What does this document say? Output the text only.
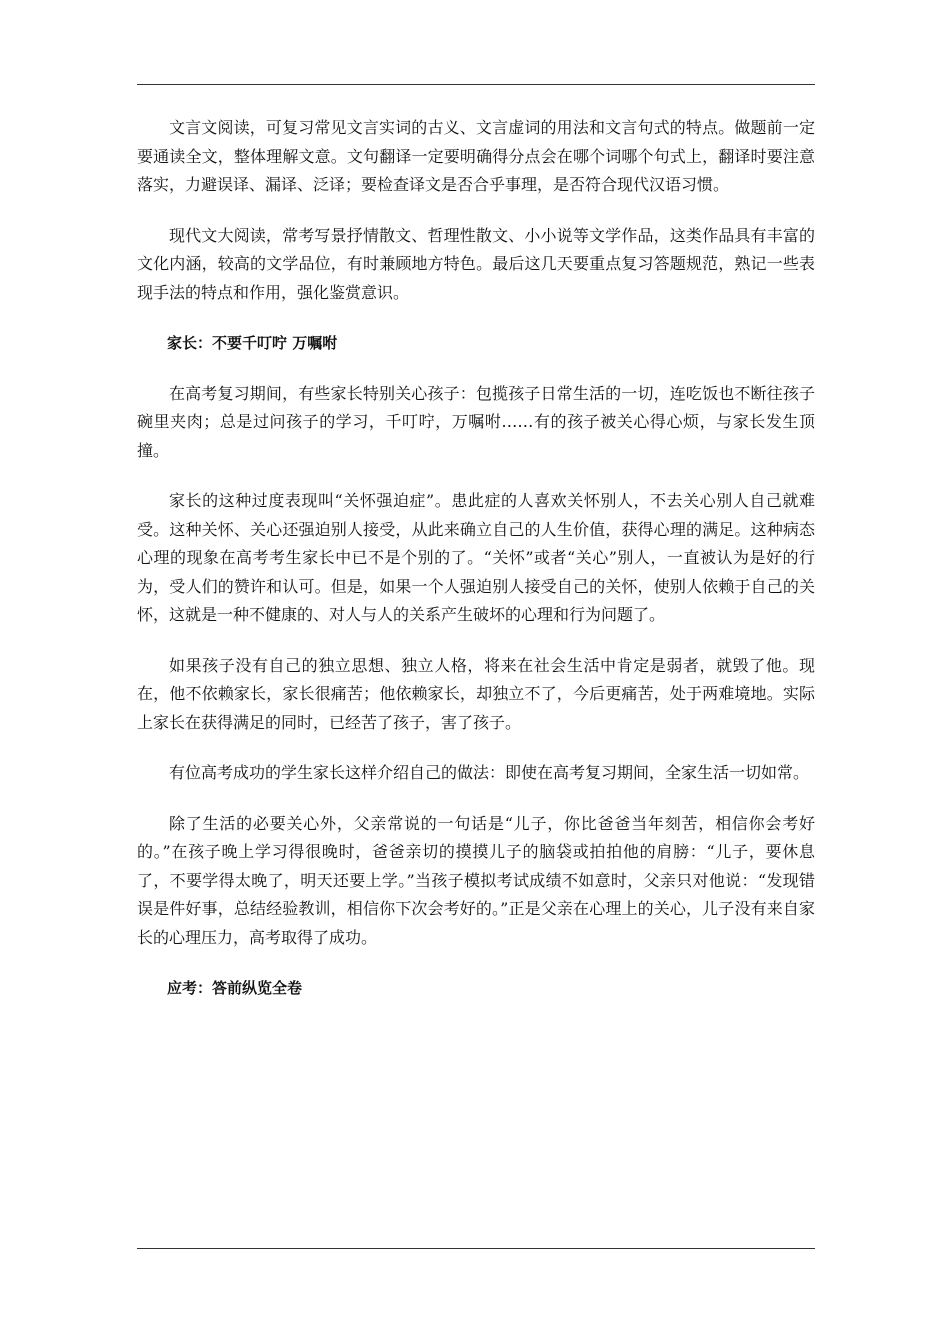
文言文阅读，可复习常见文言实词的古义、文言虚词的用法和文言句式的特点。做题前一定要通读全文，整体理解文意。文句翻译一定要明确得分点会在哪个词哪个句式上，翻译时要注意落实，力避误译、漏译、泛译；要检查译文是否合乎事理，是否符合现代汉语习惯。

现代文大阅读，常考写景抒情散文、哲理性散文、小小说等文学作品，这类作品具有丰富的文化内涵，较高的文学品位，有时兼顾地方特色。最后这几天要重点复习答题规范，熟记一些表现手法的特点和作用，强化鉴赏意识。

家长：不要千叮咛 万嘱咐

在高考复习期间，有些家长特别关心孩子：包揽孩子日常生活的一切，连吃饭也不断往孩子碗里夹肉；总是过问孩子的学习，千叮咛，万嘱咐……有的孩子被关心得心烦，与家长发生顶撞。

家长的这种过度表现叫“关怀强迫症”。患此症的人喜欢关怀别人，不去关心别人自己就难受。这种关怀、关心还强迫别人接受，从此来确立自己的人生价值，获得心理的满足。这种病态心理的现象在高考考生家长中已不是个别的了。“关怀”或者“关心”别人，一直被认为是好的行为，受人们的赞许和认可。但是，如果一个人强迫别人接受自己的关怀，使别人依赖于自己的关怀，这就是一种不健康的、对人与人的关系产生破坏的心理和行为问题了。

如果孩子没有自己的独立思想、独立人格，将来在社会生活中肯定是弱者，就毁了他。现在，他不依赖家长，家长很痛苦；他依赖家长，却独立不了，今后更痛苦，处于两难境地。实际上家长在获得满足的同时，已经苦了孩子，害了孩子。

有位高考成功的学生家长这样介绍自己的做法：即使在高考复习期间，全家生活一切如常。

除了生活的必要关心外，父亲常说的一句话是“儿子，你比爸爸当年刻苦，相信你会考好的。”在孩子晚上学习得很晚时，爸爸亲切的摸摸儿子的脑袋或拍拍他的肩膀：“儿子，要休息了，不要学得太晚了，明天还要上学。”当孩子模拟考试成绩不如意时，父亲只对他说：“发现错误是件好事，总结经验教训，相信你下次会考好的。”正是父亲在心理上的关心，儿子没有来自家长的心理压力，高考取得了成功。

应考：答前纵览全卷
